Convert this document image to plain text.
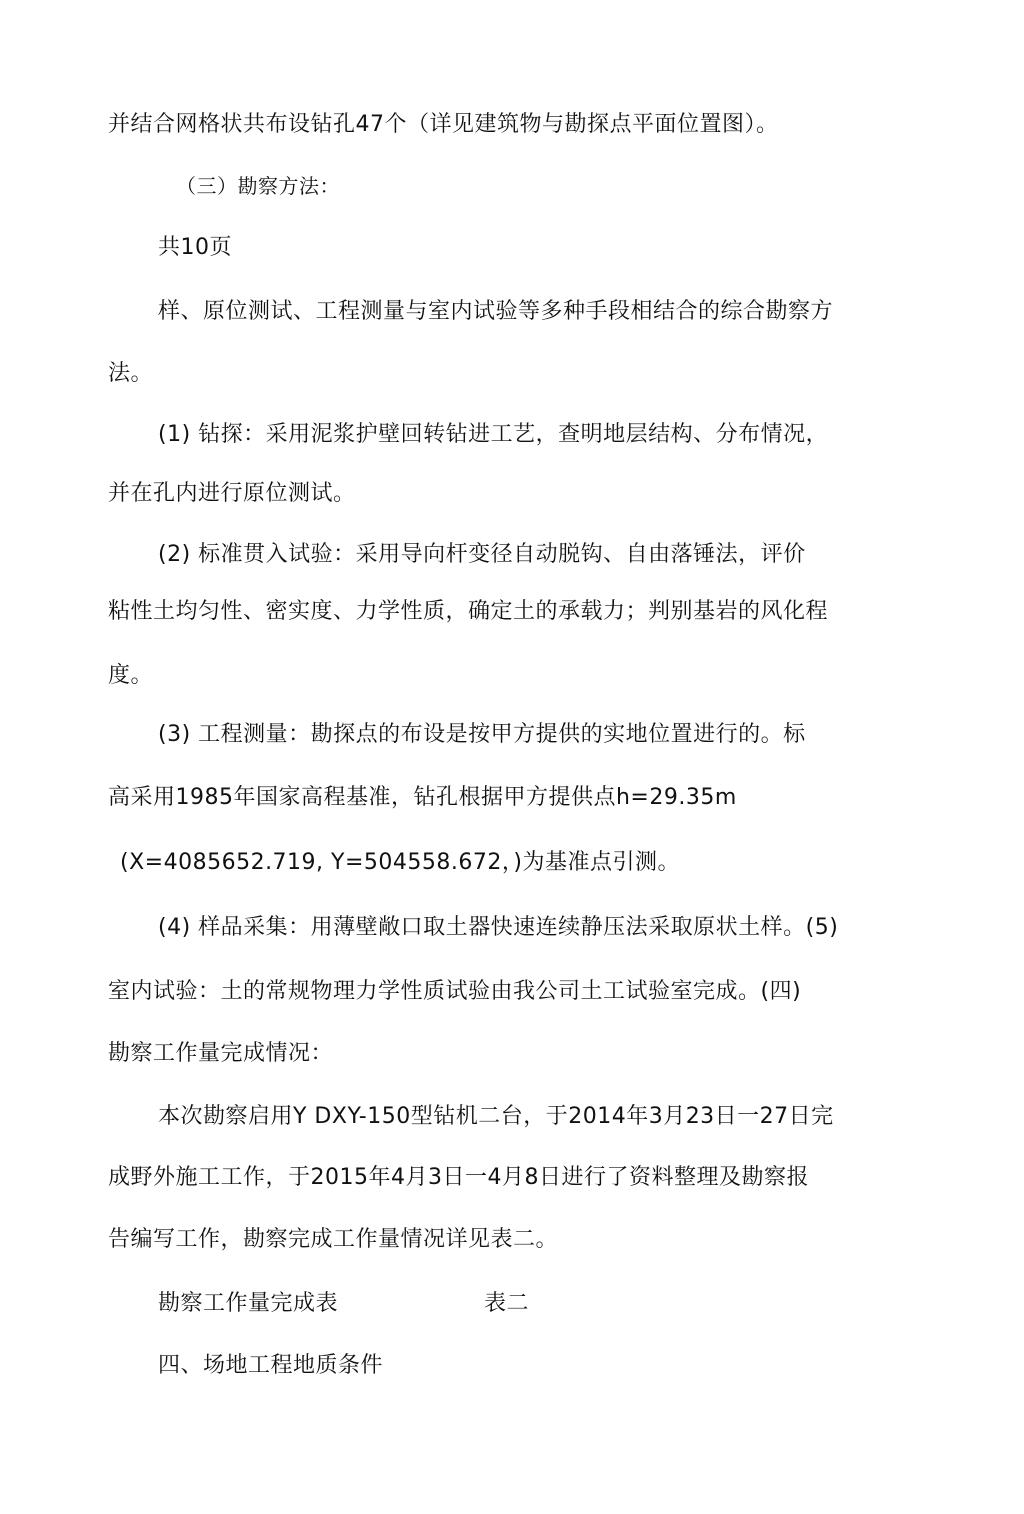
并结合网格状共布设钻孔47个（详见建筑物与勘探点平面位置图）。
（三）勘察方法：
共10页
样、原位测试、工程测量与室内试验等多种手段相结合的综合勘察方
法。
(1) 钻探：采用泥浆护壁回转钻进工艺，查明地层结构、分布情况，
并在孔内进行原位测试。
(2) 标准贯入试验：采用导向杆变径自动脱钩、自由落锤法，评价
粘性土均匀性、密实度、力学性质，确定土的承载力；判别基岩的风化程
度。
(3) 工程测量：勘探点的布设是按甲方提供的实地位置进行的。标
高采用1985年国家高程基准，钻孔根据甲方提供点h=29.35m
(X=4085652.719, Y=504558.672，)为基准点引测。
(4) 样品采集：用薄壁敞口取土器快速连续静压法采取原状土样。(5)
室内试验：土的常规物理力学性质试验由我公司土工试验室完成。(四)
勘察工作量完成情况：
本次勘察启用Y DXY-150型钻机二台，于2014年3月23日一27日完
成野外施工工作，于2015年4月3日一4月8日进行了资料整理及勘察报
告编写工作，勘察完成工作量情况详见表二。
勘察工作量完成表	表二
四、场地工程地质条件
